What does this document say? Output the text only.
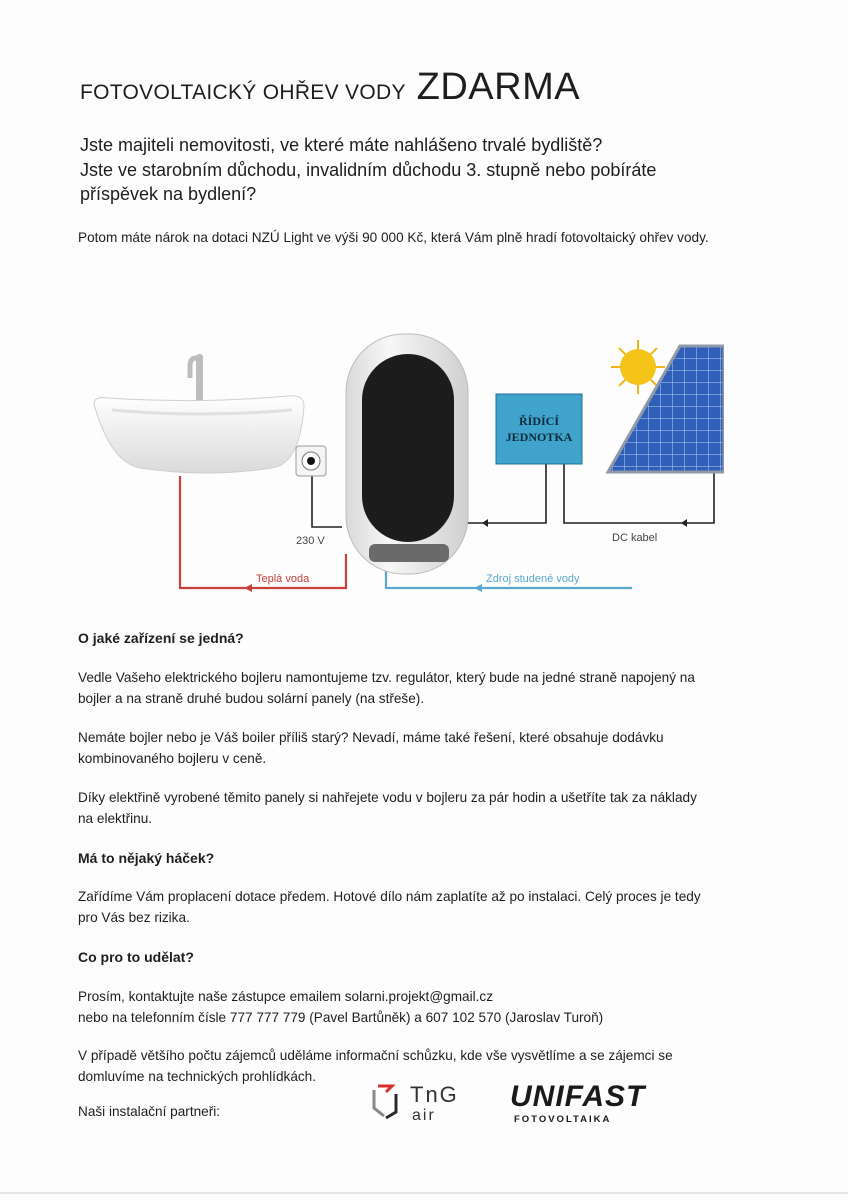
FOTOVOLTAICKÝ OHŘEV VODY ZDARMA

Jste majiteli nemovitosti, ve které máte nahlášeno trvalé bydliště?
Jste ve starobním důchodu, invalidním důchodu 3. stupně nebo pobíráte
příspěvek na bydlení?

Potom máte nárok na dotaci NZÚ Light ve výši 90 000 Kč, která Vám plně hradí fotovoltaický ohřev vody.

ŘÍDÍCÍ
JEDNOTKA
230 V	DC kabel
Teplá voda	Zdroj studené vody
O jaké zařízení se jedná?

Vedle Vašeho elektrického bojleru namontujeme tzv. regulátor, který bude na jedné straně napojený na
bojler a na straně druhé budou solární panely (na střeše).

Nemáte bojler nebo je Váš boiler příliš starý? Nevadí, máme také řešení, které obsahuje dodávku
kombinovaného bojleru v ceně.

Díky elektřině vyrobené těmito panely si nahřejete vodu v bojleru za pár hodin a ušetříte tak za náklady
na elektřinu.

Má to nějaký háček?

Zařídíme Vám proplacení dotace předem. Hotové dílo nám zaplatíte až po instalaci. Celý proces je tedy
pro Vás bez rizika.

Co pro to udělat?

Prosím, kontaktujte naše zástupce emailem solarni.projekt@gmail.cz
nebo na telefonním čísle 777 777 779 (Pavel Bartůněk) a 607 102 570 (Jaroslav Turoň)

V případě většího počtu zájemců uděláme informační schůzku, kde vše vysvětlíme a se zájemci se
domluvíme na technických prohlídkách.

Naši instalační partneři:

TnG
air
UNIFAST
FOTOVOLTAIKA
